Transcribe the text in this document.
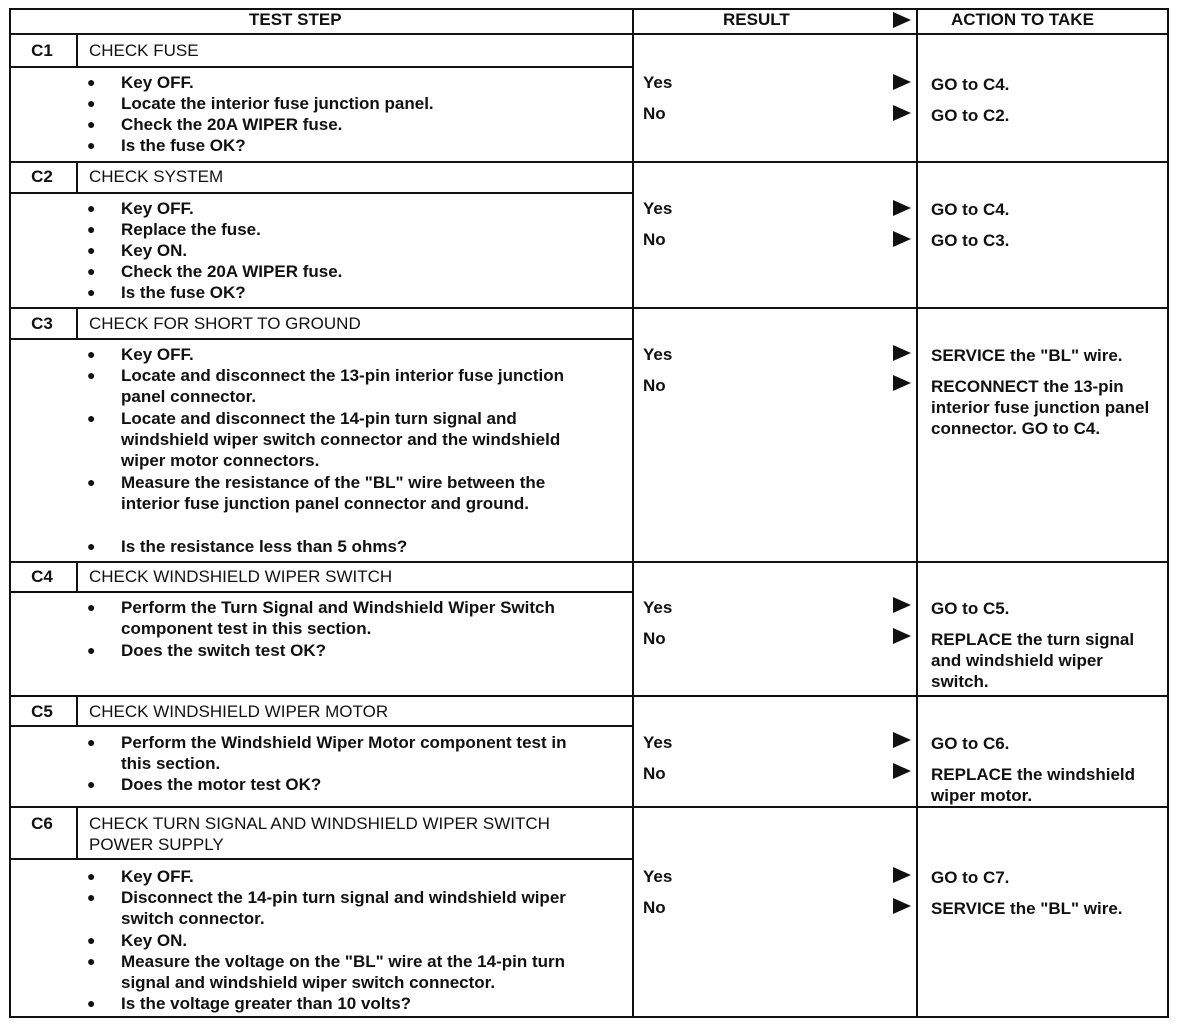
TEST STEP	RESULT	ACTION TO TAKE
C1	CHECK FUSE
● Key OFF.
● Locate the interior fuse junction panel.
● Check the 20A WIPER fuse.
● Is the fuse OK?
Yes	GO to C4.
No	GO to C2.
C2	CHECK SYSTEM
● Key OFF.
● Replace the fuse.
● Key ON.
● Check the 20A WIPER fuse.
● Is the fuse OK?
Yes	GO to C4.
No	GO to C3.
C3	CHECK FOR SHORT TO GROUND
● Key OFF.
● Locate and disconnect the 13-pin interior fuse junction panel connector.
● Locate and disconnect the 14-pin turn signal and windshield wiper switch connector and the windshield wiper motor connectors.
● Measure the resistance of the "BL" wire between the interior fuse junction panel connector and ground.
● Is the resistance less than 5 ohms?
Yes	SERVICE the "BL" wire.
No	RECONNECT the 13-pin interior fuse junction panel connector. GO to C4.
C4	CHECK WINDSHIELD WIPER SWITCH
● Perform the Turn Signal and Windshield Wiper Switch component test in this section.
● Does the switch test OK?
Yes	GO to C5.
No	REPLACE the turn signal and windshield wiper switch.
C5	CHECK WINDSHIELD WIPER MOTOR
● Perform the Windshield Wiper Motor component test in this section.
● Does the motor test OK?
Yes	GO to C6.
No	REPLACE the windshield wiper motor.
C6	CHECK TURN SIGNAL AND WINDSHIELD WIPER SWITCH POWER SUPPLY
● Key OFF.
● Disconnect the 14-pin turn signal and windshield wiper switch connector.
● Key ON.
● Measure the voltage on the "BL" wire at the 14-pin turn signal and windshield wiper switch connector.
● Is the voltage greater than 10 volts?
Yes	GO to C7.
No	SERVICE the "BL" wire.
